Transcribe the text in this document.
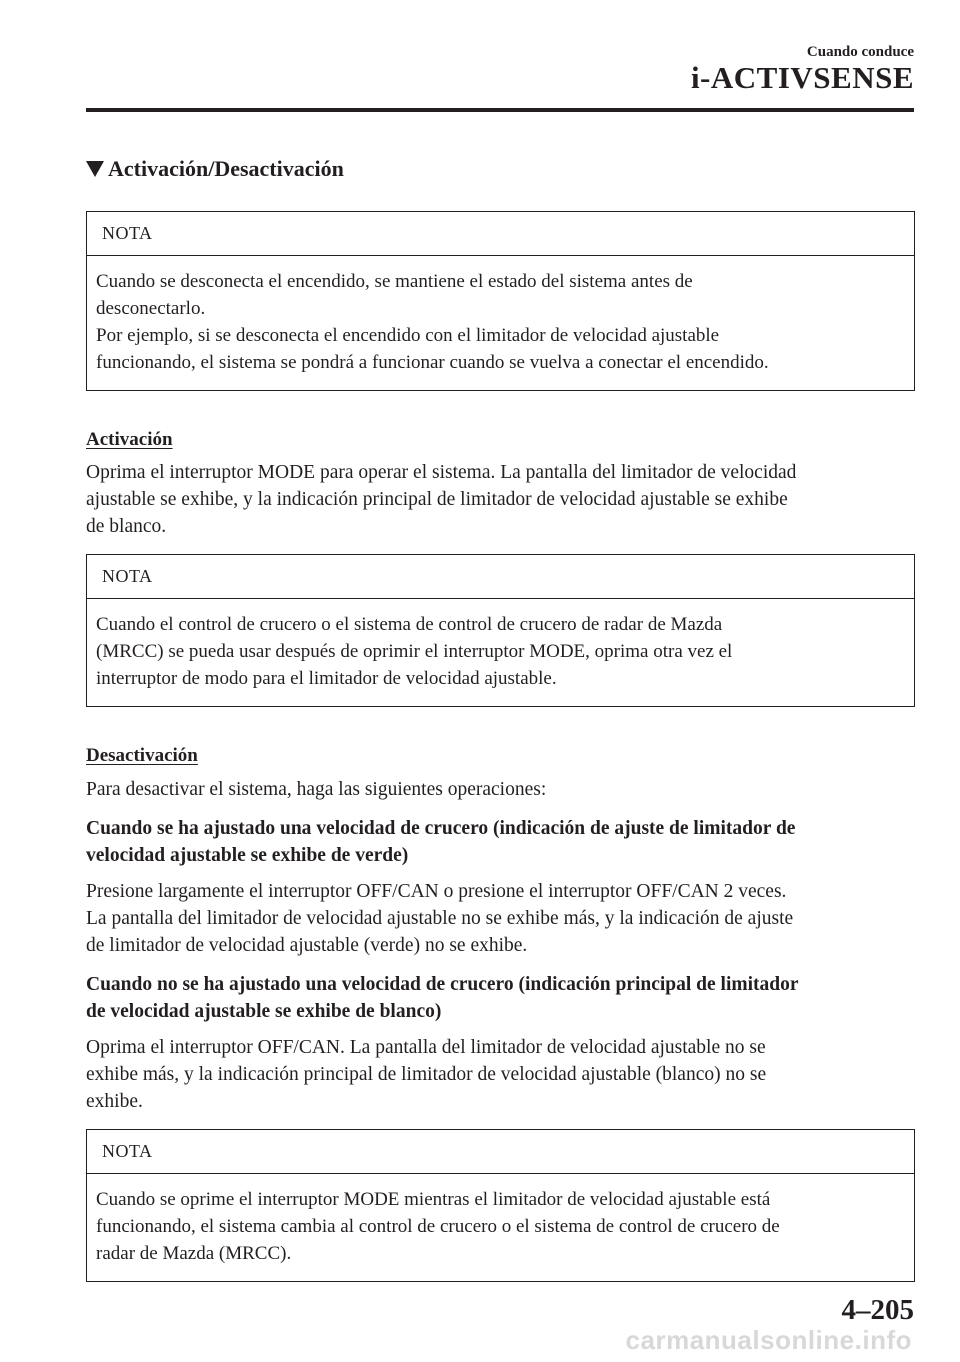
Cuando conduce
i-ACTIVSENSE
Activación/Desactivación
NOTA
Cuando se desconecta el encendido, se mantiene el estado del sistema antes de
desconectarlo.
Por ejemplo, si se desconecta el encendido con el limitador de velocidad ajustable
funcionando, el sistema se pondrá a funcionar cuando se vuelva a conectar el encendido.
Activación
Oprima el interruptor MODE para operar el sistema. La pantalla del limitador de velocidad
ajustable se exhibe, y la indicación principal de limitador de velocidad ajustable se exhibe
de blanco.
NOTA
Cuando el control de crucero o el sistema de control de crucero de radar de Mazda
(MRCC) se pueda usar después de oprimir el interruptor MODE, oprima otra vez el
interruptor de modo para el limitador de velocidad ajustable.
Desactivación
Para desactivar el sistema, haga las siguientes operaciones:
Cuando se ha ajustado una velocidad de crucero (indicación de ajuste de limitador de
velocidad ajustable se exhibe de verde)
Presione largamente el interruptor OFF/CAN o presione el interruptor OFF/CAN 2 veces.
La pantalla del limitador de velocidad ajustable no se exhibe más, y la indicación de ajuste
de limitador de velocidad ajustable (verde) no se exhibe.
Cuando no se ha ajustado una velocidad de crucero (indicación principal de limitador
de velocidad ajustable se exhibe de blanco)
Oprima el interruptor OFF/CAN. La pantalla del limitador de velocidad ajustable no se
exhibe más, y la indicación principal de limitador de velocidad ajustable (blanco) no se
exhibe.
NOTA
Cuando se oprime el interruptor MODE mientras el limitador de velocidad ajustable está
funcionando, el sistema cambia al control de crucero o el sistema de control de crucero de
radar de Mazda (MRCC).
4–205
carmanualsonline.info
